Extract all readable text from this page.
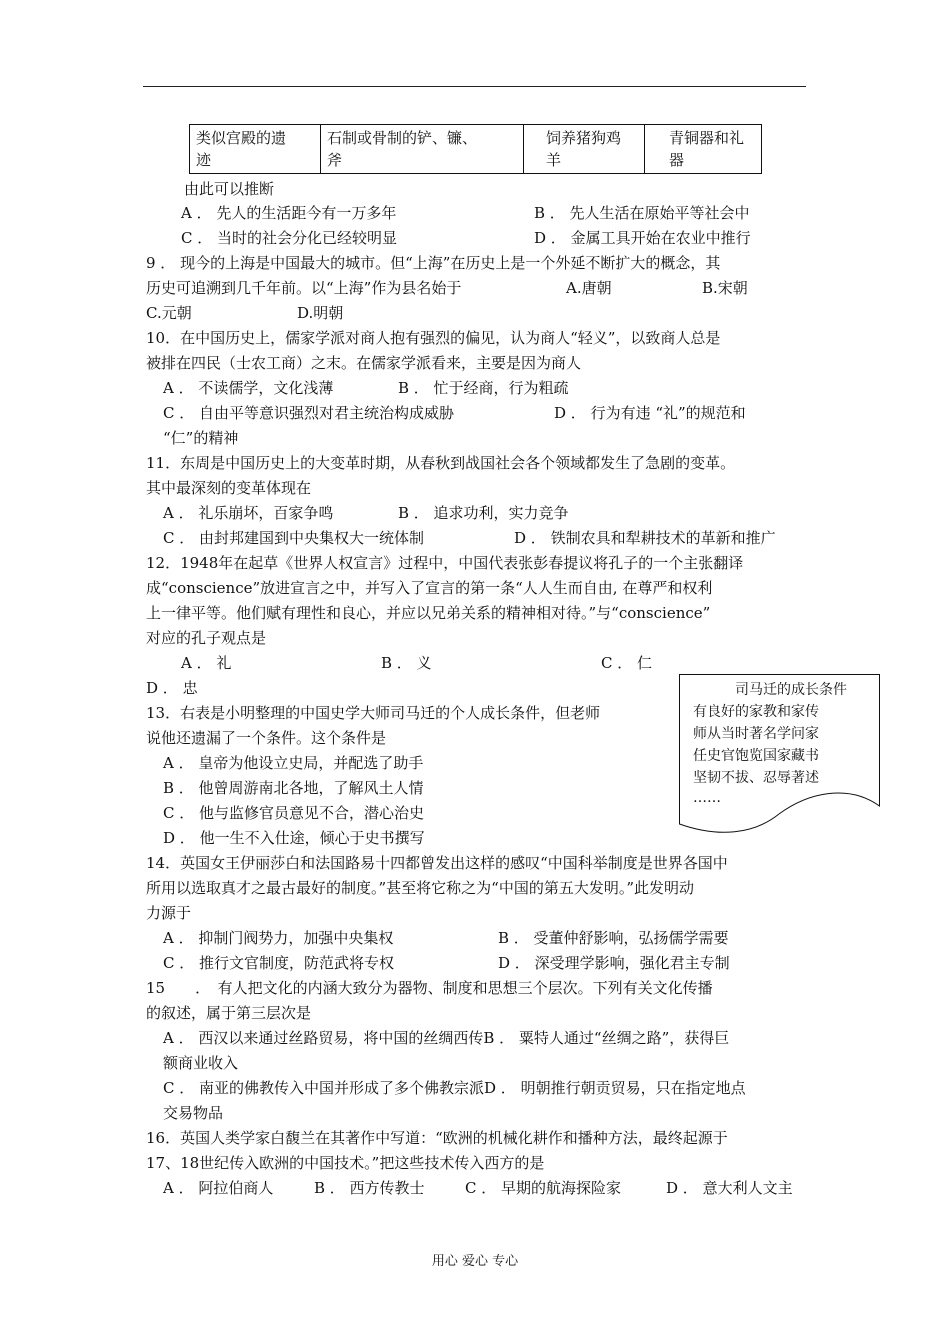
类似宫殿的遗
迹

石制或骨制的铲、镰、
斧

饲养猪狗鸡
羊

青铜器和礼
器
由此可以推断
A ． 先人的生活距今有一万多年	B ． 先人生活在原始平等社会中
C ． 当时的社会分化已经较明显	D ． 金属工具开始在农业中推行
9 ． 现今的上海是中国最大的城市。但“上海”在历史上是一个外延不断扩大的概念，其
历史可追溯到几千年前。以“上海”作为县名始于	A.唐朝	B.宋朝
C.元朝	D.明朝
10．在中国历史上，儒家学派对商人抱有强烈的偏见，认为商人“轻义”，以致商人总是
被排在四民（士农工商）之末。在儒家学派看来，主要是因为商人
A ． 不读儒学，文化浅薄	B ． 忙于经商，行为粗疏
C ． 自由平等意识强烈对君主统治构成威胁	D ． 行为有违 “礼”的规范和
“仁”的精神
11．东周是中国历史上的大变革时期，从春秋到战国社会各个领域都发生了急剧的变革。
其中最深刻的变革体现在
A ． 礼乐崩坏，百家争鸣	B ． 追求功利，实力竞争
C ． 由封邦建国到中央集权大一统体制	D ． 铁制农具和犁耕技术的革新和推广
12．1948年在起草《世界人权宣言》过程中，中国代表张彭春提议将孔子的一个主张翻译
成“conscience”放进宣言之中，并写入了宣言的第一条“人人生而自由, 在尊严和权利
上一律平等。他们赋有理性和良心，并应以兄弟关系的精神相对待。”与“conscience”
对应的孔子观点是
A ． 礼	B ． 义	C ． 仁
D ． 忠
13．右表是小明整理的中国史学大师司马迁的个人成长条件，但老师
说他还遗漏了一个条件。这个条件是
A ． 皇帝为他设立史局，并配选了助手
B ． 他曾周游南北各地，了解风土人情
C ． 他与监修官员意见不合，潜心治史
D ． 他一生不入仕途，倾心于史书撰写
司马迁的成长条件
有良好的家教和家传
师从当时著名学问家
任史官饱览国家藏书
坚韧不拔、忍辱著述
……
14．英国女王伊丽莎白和法国路易十四都曾发出这样的感叹“中国科举制度是世界各国中
所用以选取真才之最古最好的制度。”甚至将它称之为“中国的第五大发明。”此发明动
力源于
A ． 抑制门阀势力，加强中央集权	B ． 受董仲舒影响，弘扬儒学需要
C ． 推行文官制度，防范武将专权	D ． 深受理学影响，强化君主专制
15　　．　有人把文化的内涵大致分为器物、制度和思想三个层次。下列有关文化传播
的叙述，属于第三层次是
A ． 西汉以来通过丝路贸易，将中国的丝绸西传B ． 粟特人通过“丝绸之路”，获得巨
额商业收入
C ． 南亚的佛教传入中国并形成了多个佛教宗派D ． 明朝推行朝贡贸易，只在指定地点
交易物品
16．英国人类学家白馥兰在其著作中写道：“欧洲的机械化耕作和播种方法，最终起源于
17、18世纪传入欧洲的中国技术。”把这些技术传入西方的是
A ． 阿拉伯商人	B ． 西方传教士	C ． 早期的航海探险家	D ． 意大利人文主
用心 爱心 专心
